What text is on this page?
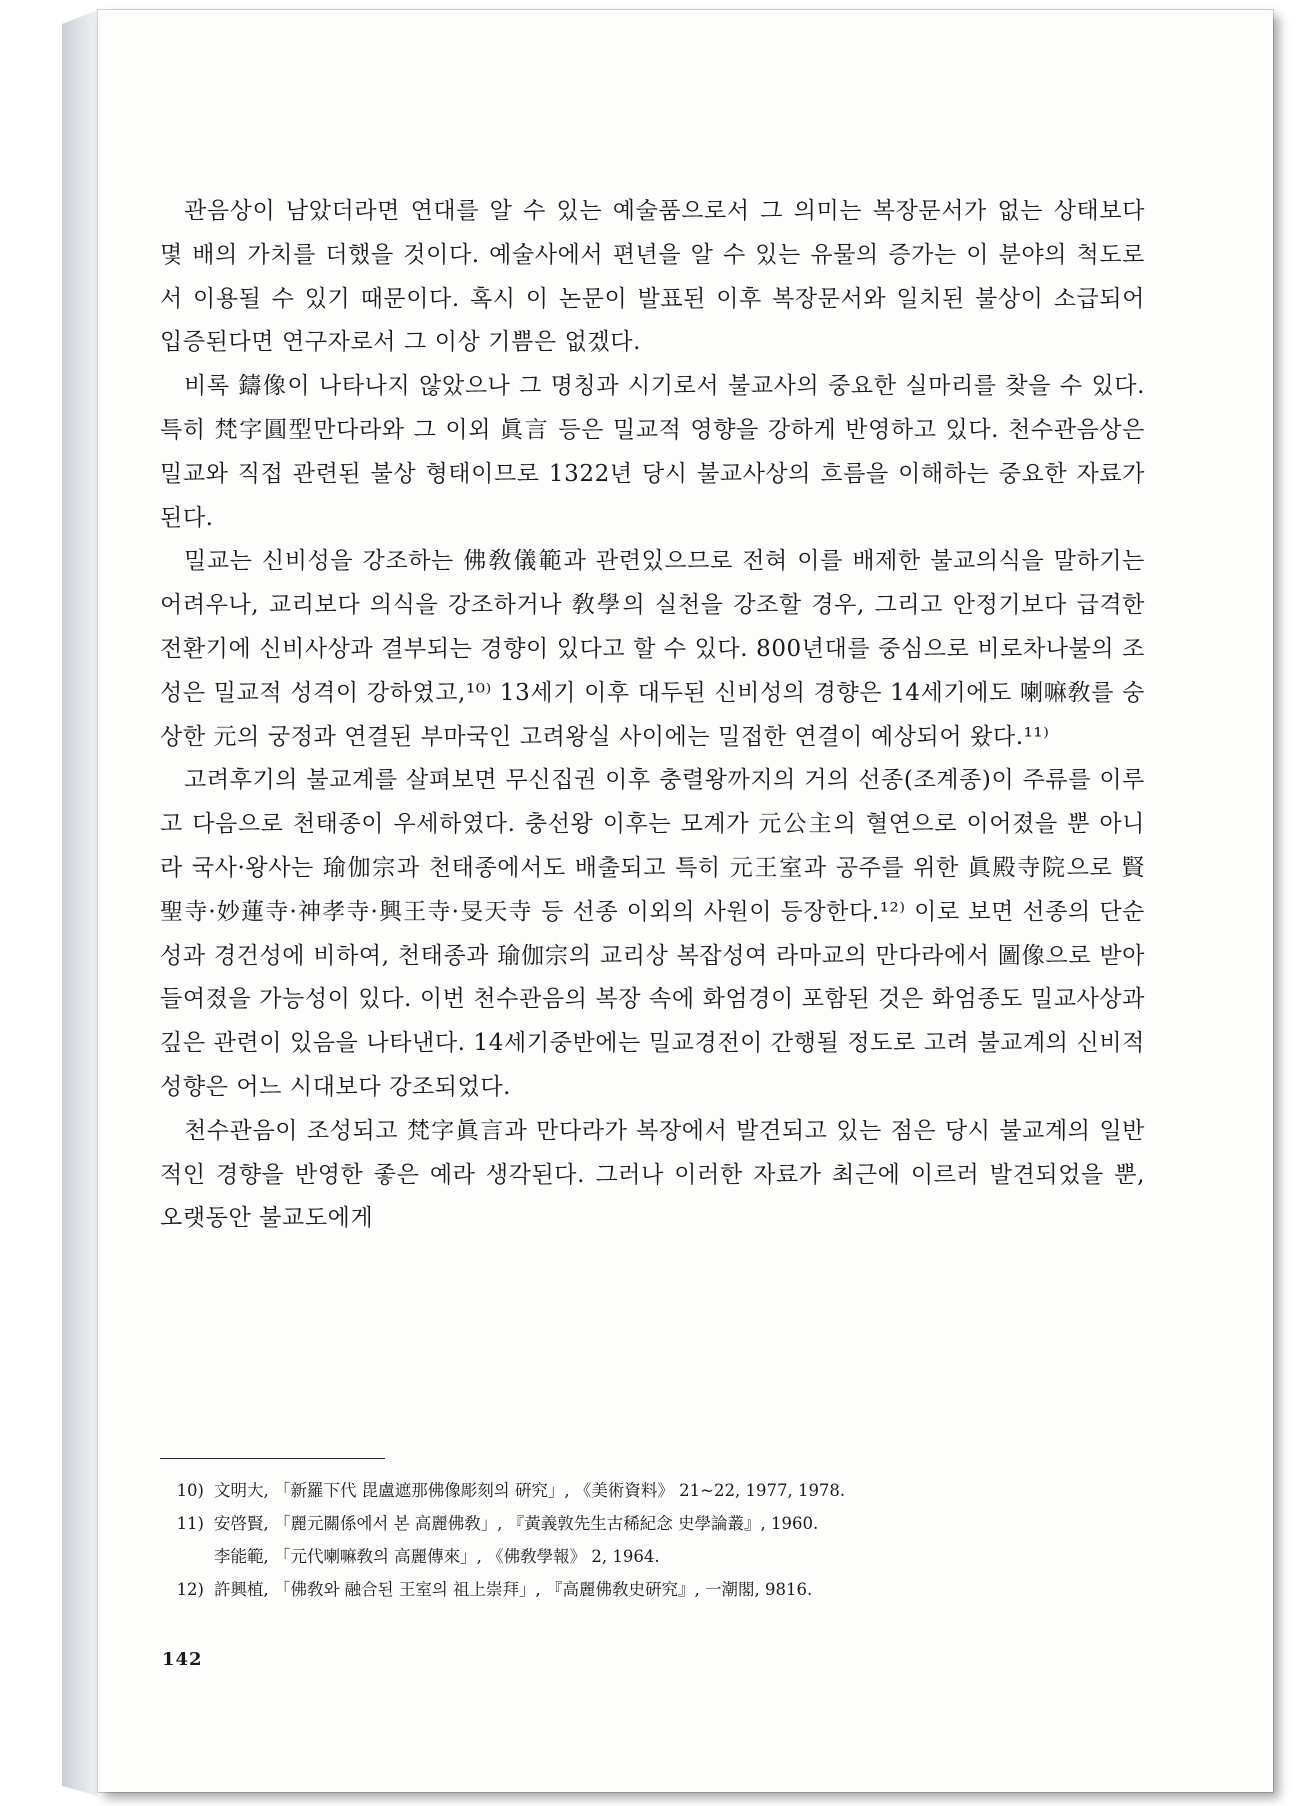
관음상이 남았더라면 연대를 알 수 있는 예술품으로서 그 의미는 복장문서가 없는 상태보다 몇 배의 가치를 더했을 것이다. 예술사에서 편년을 알 수 있는 유물의 증가는 이 분야의 척도로서 이용될 수 있기 때문이다. 혹시 이 논문이 발표된 이후 복장문서와 일치된 불상이 소급되어 입증된다면 연구자로서 그 이상 기쁨은 없겠다.

비록 鑄像이 나타나지 않았으나 그 명칭과 시기로서 불교사의 중요한 실마리를 찾을 수 있다. 특히 梵字圓型만다라와 그 이외 眞言 등은 밀교적 영향을 강하게 반영하고 있다. 천수관음상은 밀교와 직접 관련된 불상 형태이므로 1322년 당시 불교사상의 흐름을 이해하는 중요한 자료가 된다.

밀교는 신비성을 강조하는 佛敎儀範과 관련있으므로 전혀 이를 배제한 불교의식을 말하기는 어려우나, 교리보다 의식을 강조하거나 敎學의 실천을 강조할 경우, 그리고 안정기보다 급격한 전환기에 신비사상과 결부되는 경향이 있다고 할 수 있다. 800년대를 중심으로 비로차나불의 조성은 밀교적 성격이 강하였고,¹⁰⁾ 13세기 이후 대두된 신비성의 경향은 14세기에도 喇嘛敎를 숭상한 元의 궁정과 연결된 부마국인 고려왕실 사이에는 밀접한 연결이 예상되어 왔다.¹¹⁾

고려후기의 불교계를 살펴보면 무신집권 이후 충렬왕까지의 거의 선종(조계종)이 주류를 이루고 다음으로 천태종이 우세하였다. 충선왕 이후는 모계가 元公主의 혈연으로 이어졌을 뿐 아니라 국사·왕사는 瑜伽宗과 천태종에서도 배출되고 특히 元王室과 공주를 위한 眞殿寺院으로 賢聖寺·妙蓮寺·神孝寺·興王寺·旻天寺 등 선종 이외의 사원이 등장한다.¹²⁾ 이로 보면 선종의 단순성과 경건성에 비하여, 천태종과 瑜伽宗의 교리상 복잡성여 라마교의 만다라에서 圖像으로 받아들여졌을 가능성이 있다. 이번 천수관음의 복장 속에 화엄경이 포함된 것은 화엄종도 밀교사상과 깊은 관련이 있음을 나타낸다. 14세기중반에는 밀교경전이 간행될 정도로 고려 불교계의 신비적 성향은 어느 시대보다 강조되었다.

천수관음이 조성되고 梵字眞言과 만다라가 복장에서 발견되고 있는 점은 당시 불교계의 일반적인 경향을 반영한 좋은 예라 생각된다. 그러나 이러한 자료가 최근에 이르러 발견되었을 뿐, 오랫동안 불교도에게

10) 文明大, 「新羅下代 毘盧遮那佛像彫刻의 硏究」, 《美術資料》 21~22, 1977, 1978.
11) 安啓賢, 「麗元關係에서 본 高麗佛敎」, 『黃義敦先生古稀紀念 史學論叢』, 1960.
李能範, 「元代喇嘛敎의 高麗傳來」, 《佛敎學報》 2, 1964.
12) 許興植, 「佛敎와 融合된 王室의 祖上崇拜」, 『高麗佛敎史硏究』, 一潮閣, 9816.
142
